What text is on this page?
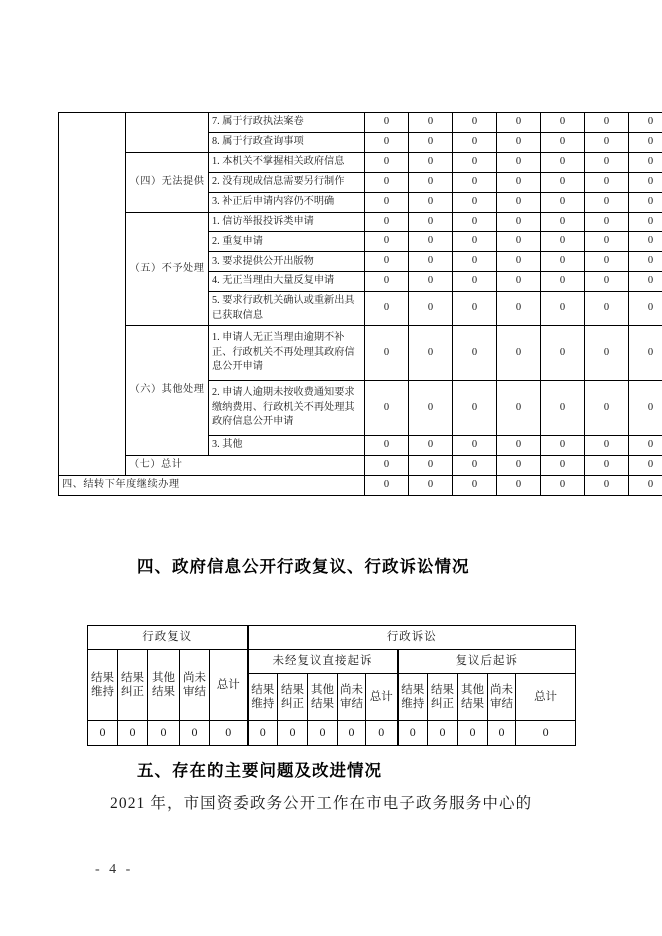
		7. 属于行政执法案卷	0	0	0	0	0	0	0
		8. 属于行政查询事项	0	0	0	0	0	0	0
	（四）无法提供	1. 本机关不掌握相关政府信息	0	0	0	0	0	0	0
		2. 没有现成信息需要另行制作	0	0	0	0	0	0	0
		3. 补正后申请内容仍不明确	0	0	0	0	0	0	0
	（五）不予处理	1. 信访举报投诉类申请	0	0	0	0	0	0	0
		2. 重复申请	0	0	0	0	0	0	0
		3. 要求提供公开出版物	0	0	0	0	0	0	0
		4. 无正当理由大量反复申请	0	0	0	0	0	0	0
		5. 要求行政机关确认或重新出具已获取信息	0	0	0	0	0	0	0
	（六）其他处理	1. 申请人无正当理由逾期不补正、行政机关不再处理其政府信息公开申请	0	0	0	0	0	0	0
		2. 申请人逾期未按收费通知要求缴纳费用、行政机关不再处理其政府信息公开申请	0	0	0	0	0	0	0
		3. 其他	0	0	0	0	0	0	0
	（七）总计		0	0	0	0	0	0	0
四、结转下年度继续办理			0	0	0	0	0	0	0
四、政府信息公开行政复议、行政诉讼情况
行政复议					行政诉讼									
结果 维持	结果 纠正	其他 结果	尚未 审结	总计	未经复议直接起诉					复议后起诉				
					结果 维持	结果 纠正	其他 结果	尚未 审结	总计	结果 维持	结果 纠正	其他 结果	尚未 审结	总计
0	0	0	0	0	0	0	0	0	0	0	0	0	0	0
五、存在的主要问题及改进情况
2021 年，市国资委政务公开工作在市电子政务服务中心的
- 4 -
